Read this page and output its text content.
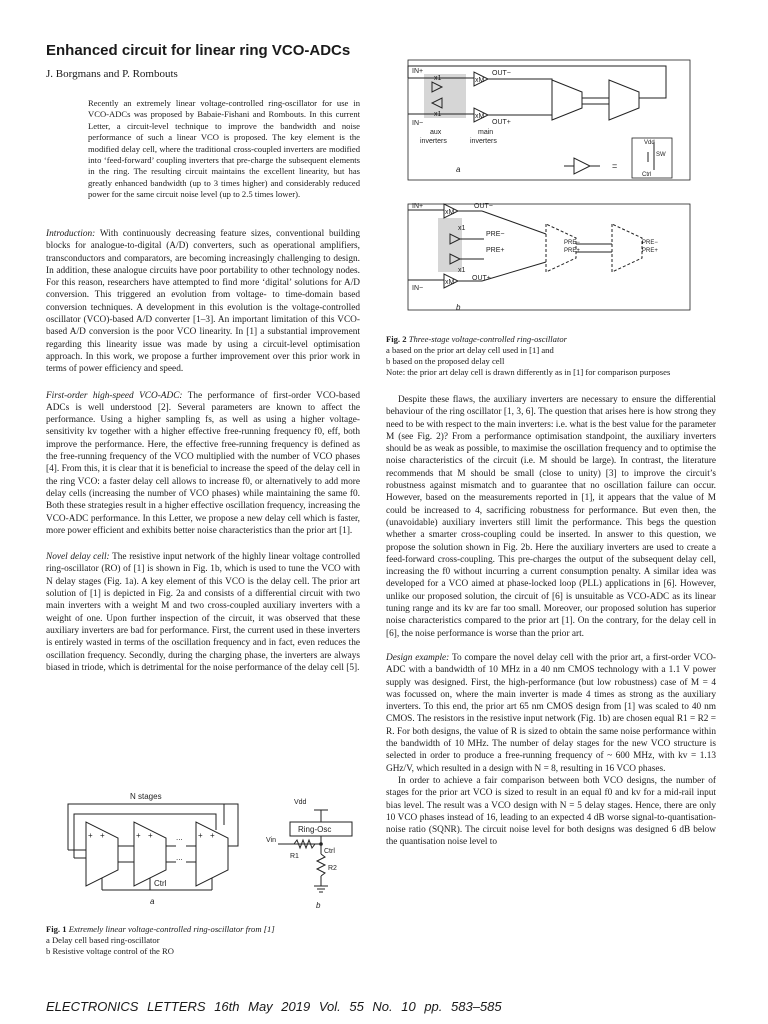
Enhanced circuit for linear ring VCO-ADCs
J. Borgmans and P. Rombouts
Recently an extremely linear voltage-controlled ring-oscillator for use in VCO-ADCs was proposed by Babaie-Fishani and Rombouts. In this current Letter, a circuit-level technique to improve the bandwidth and noise performance of such a linear VCO is proposed. The key element is the modified delay cell, where the traditional cross-coupled inverters are modified into ‘feed-forward’ coupling inverters that pre-charge the subsequent elements in the ring. The resulting circuit maintains the excellent linearity, but has greatly enhanced bandwidth (up to 3 times higher) and considerably reduced power for the same circuit noise level (up to 2.5 times lower).

Introduction: With continuously decreasing feature sizes, conventional building blocks for analogue-to-digital (A/D) converters, such as operational amplifiers, transconductors and comparators, are becoming increasingly challenging to design. In addition, these analogue circuits have poor portability to other technology nodes. For this reason, researchers have attempted to find more ‘digital’ solutions for A/D conversion. This triggered an evolution from voltage- to time-domain based conversion techniques. A development in this evolution is the voltage-controlled oscillator (VCO)-based A/D converter [1–3]. An important limitation of this VCO-based A/D conversion is the poor VCO linearity. In [1] a substantial improvement regarding this linearity issue was made by using a circuit-level optimisation approach. In this work, we propose a further improvement over this prior work in terms of power efficiency and speed.

First-order high-speed VCO-ADC: The performance of first-order VCO-based ADCs is well understood [2]. Several parameters are known to affect the performance. Using a higher sampling fs, as well as using a higher voltage-sensitivity kv together with a higher effective free-running frequency f0, eff, both improve the performance. Here, the effective free-running frequency is defined as the free-running frequency of the VCO multiplied with the number of VCO phases [4]. From this, it is clear that it is beneficial to increase the speed of the delay cell in the ring VCO: a faster delay cell allows to increase f0, or alternatively to add more delay cells (increasing the number of VCO phases) while maintaining the same f0. Both these strategies result in a higher effective oscillation frequency, increasing the VCO-ADC performance. In this Letter, we propose a new delay cell which is faster, more power efficient and exhibits better noise characteristics than the prior art [1].

Novel delay cell: The resistive input network of the highly linear voltage controlled ring-oscillator (RO) of [1] is shown in Fig. 1b, which is used to tune the VCO with N delay stages (Fig. 1a). A key element of this VCO is the delay cell. The prior art solution of [1] is depicted in Fig. 2a and consists of a differential circuit with two main inverters with a weight M and two cross-coupled auxiliary inverters with a weight of one. Upon further inspection of the circuit, it was observed that these auxiliary inverters are bad for performance. First, the current used in these inverters is entirely wasted in terms of the oscillation frequency and in fact, even reduces the oscillation frequency. Secondly, during the charging phase, the inverters are always biased in triode, which is detrimental for the noise performance of the delay cell [5].

N stages
+ +	+ +	+ +
...
...
Ctrl
Vdd
Ring-Osc
Vin
R1
Ctrl
R2
a	b
Fig. 1 Extremely linear voltage-controlled ring-oscillator from [1]
a Delay cell based ring-oscillator
b Resistive voltage control of the RO
IN+
IN−
xM
xM
x1
x1
OUT−
OUT+
aux
inverters
main
inverters	Vdd
SW
Ctrl
=
a
IN+
IN−
xM
xM
x1
x1
OUT−
OUT+
PRE−
PRE+
PRE−
PRE+
PRE−
PRE+
b
Fig. 2 Three-stage voltage-controlled ring-oscillator
a based on the prior art delay cell used in [1] and
b based on the proposed delay cell
Note: the prior art delay cell is drawn differently as in [1] for comparison purposes

Despite these flaws, the auxiliary inverters are necessary to ensure the differential behaviour of the ring oscillator [1, 3, 6]. The question that arises here is how strong they need to be with respect to the main inverters: i.e. what is the best value for the parameter M (see Fig. 2)? From a performance optimisation standpoint, the auxiliary inverters should be as weak as possible, to maximise the oscillation frequency and to optimise the noise characteristics of the circuit (i.e. M should be large). In contrast, the literature recommends that M should be small (close to unity) [3] to improve the circuit’s robustness against mismatch and to guarantee that no oscillation failure can occur. However, based on the measurements reported in [1], it appears that the value of M could be increased to 4, sacrificing robustness for performance. But even then, the (unavoidable) auxiliary inverters still limit the performance. This begs the question whether a smarter cross-coupling could be inserted. In answer to this question, we propose the solution shown in Fig. 2b. Here the auxiliary inverters are used to create a feed-forward cross-coupling. This pre-charges the output of the subsequent delay cell, increasing the f0 without incurring a current consumption penalty. A similar idea was developed for a VCO aimed at phase-locked loop (PLL) applications in [6]. However, unlike our proposed solution, the circuit of [6] is unsuitable as VCO-ADC as its linear tuning range and its kv are far too small. Moreover, our proposed solution has superior noise characteristics compared to the prior art [1]. On the contrary, for the delay cell in [6], the noise performance is worse than the prior art.

Design example: To compare the novel delay cell with the prior art, a first-order VCO-ADC with a bandwidth of 10 MHz in a 40 nm CMOS technology with a 1.1 V power supply was designed. First, the high-performance (but low robustness) case of M = 4 was focussed on, where the main inverter is made 4 times as strong as the auxiliary inverters. To this end, the prior art 65 nm CMOS design from [1] was scaled to 40 nm CMOS. The resistors in the resistive input network (Fig. 1b) are chosen equal R1 = R2 = R. For both designs, the value of R is sized to obtain the same noise performance within the bandwidth of 10 MHz. The number of delay stages for the new VCO structure is selected in order to produce a free-running frequency of ~ 600 MHz, with kv = 1.13 GHz/V, which resulted in a design with N = 8, resulting in 16 VCO phases.

In order to achieve a fair comparison between both VCO designs, the number of stages for the prior art VCO is sized to result in an equal f0 and kv for a mid-rail input bias level. The result was a VCO design with N = 5 delay stages. Hence, there are only 10 VCO phases instead of 16, leading to an expected 4 dB worse signal-to-quantisation-noise ratio (SQNR). The circuit noise level for both designs was designed 6 dB below the quantisation noise level to

ELECTRONICS LETTERS 16th May 2019 Vol. 55 No. 10 pp. 583–585
